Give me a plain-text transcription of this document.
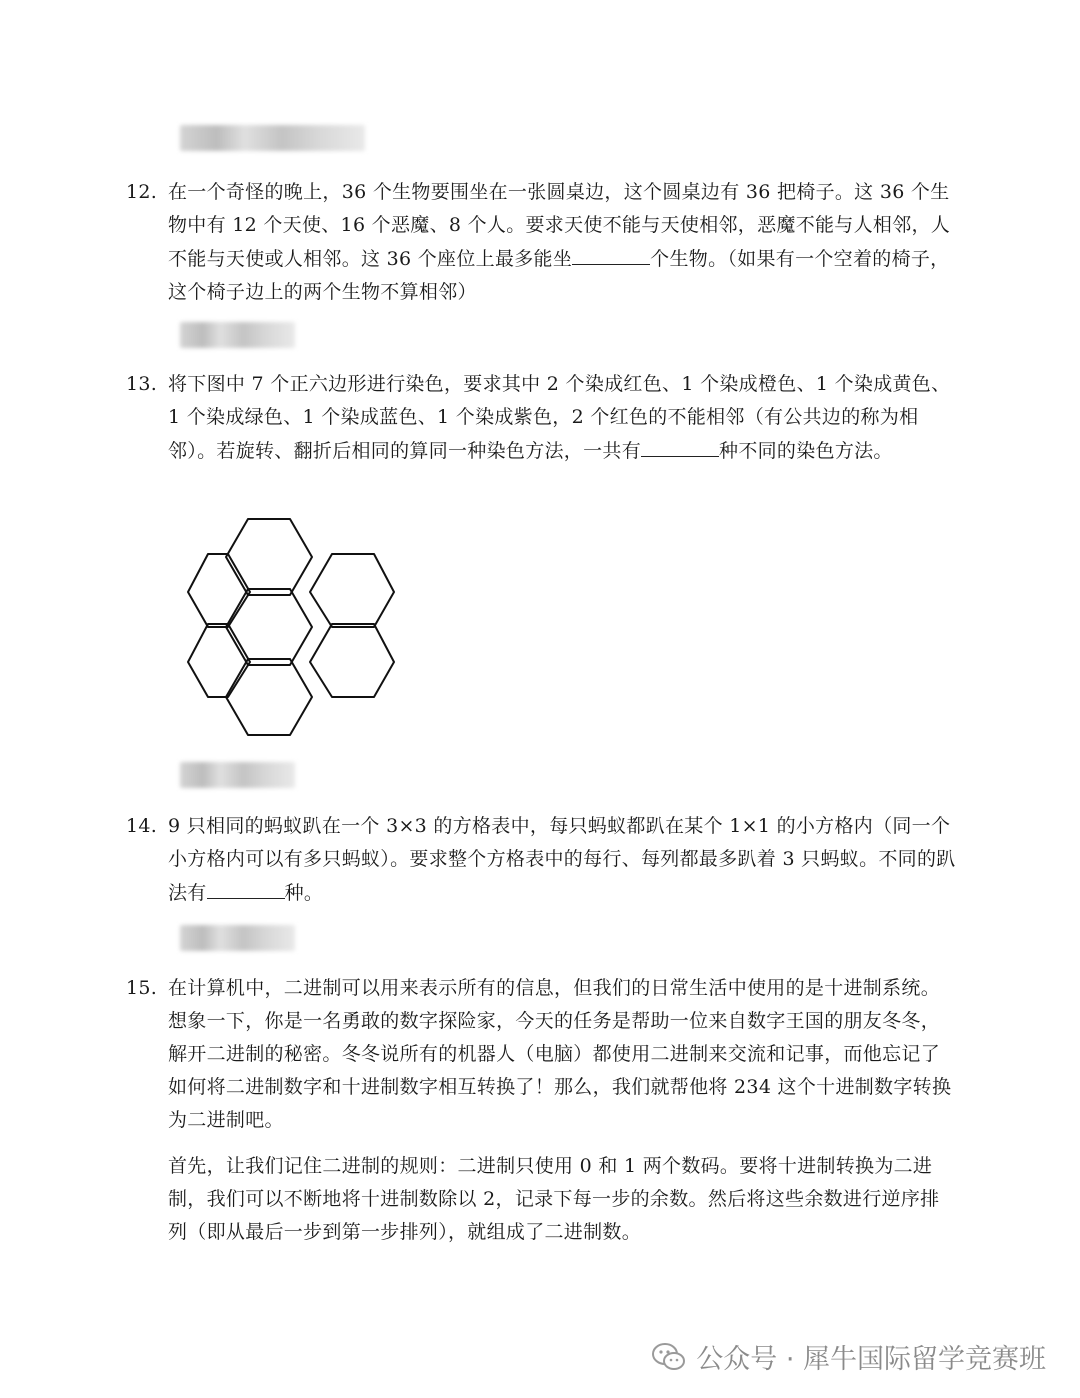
12. 在一个奇怪的晚上，36 个生物要围坐在一张圆桌边，这个圆桌边有 36 把椅子。这 36 个生物中有 12 个天使、16 个恶魔、8 个人。要求天使不能与天使相邻，恶魔不能与人相邻，人不能与天使或人相邻。这 36 个座位上最多能坐	个生物。（如果有一个空着的椅子，这个椅子边上的两个生物不算相邻）
13. 将下图中 7 个正六边形进行染色，要求其中 2 个染成红色、1 个染成橙色、1 个染成黄色、1 个染成绿色、1 个染成蓝色、1 个染成紫色，2 个红色的不能相邻（有公共边的称为相邻）。若旋转、翻折后相同的算同一种染色方法，一共有	种不同的染色方法。
14. 9 只相同的蚂蚁趴在一个 3×3 的方格表中，每只蚂蚁都趴在某个 1×1 的小方格内（同一个小方格内可以有多只蚂蚁）。要求整个方格表中的每行、每列都最多趴着 3 只蚂蚁。不同的趴法有	种。
15. 在计算机中，二进制可以用来表示所有的信息，但我们的日常生活中使用的是十进制系统。想象一下，你是一名勇敢的数字探险家，今天的任务是帮助一位来自数字王国的朋友冬冬，解开二进制的秘密。冬冬说所有的机器人（电脑）都使用二进制来交流和记事，而他忘记了如何将二进制数字和十进制数字相互转换了！那么，我们就帮他将 234 这个十进制数字转换为二进制吧。
首先，让我们记住二进制的规则：二进制只使用 0 和 1 两个数码。要将十进制转换为二进制，我们可以不断地将十进制数除以 2，记录下每一步的余数。然后将这些余数进行逆序排列（即从最后一步到第一步排列），就组成了二进制数。
公众号 · 犀牛国际留学竞赛班
